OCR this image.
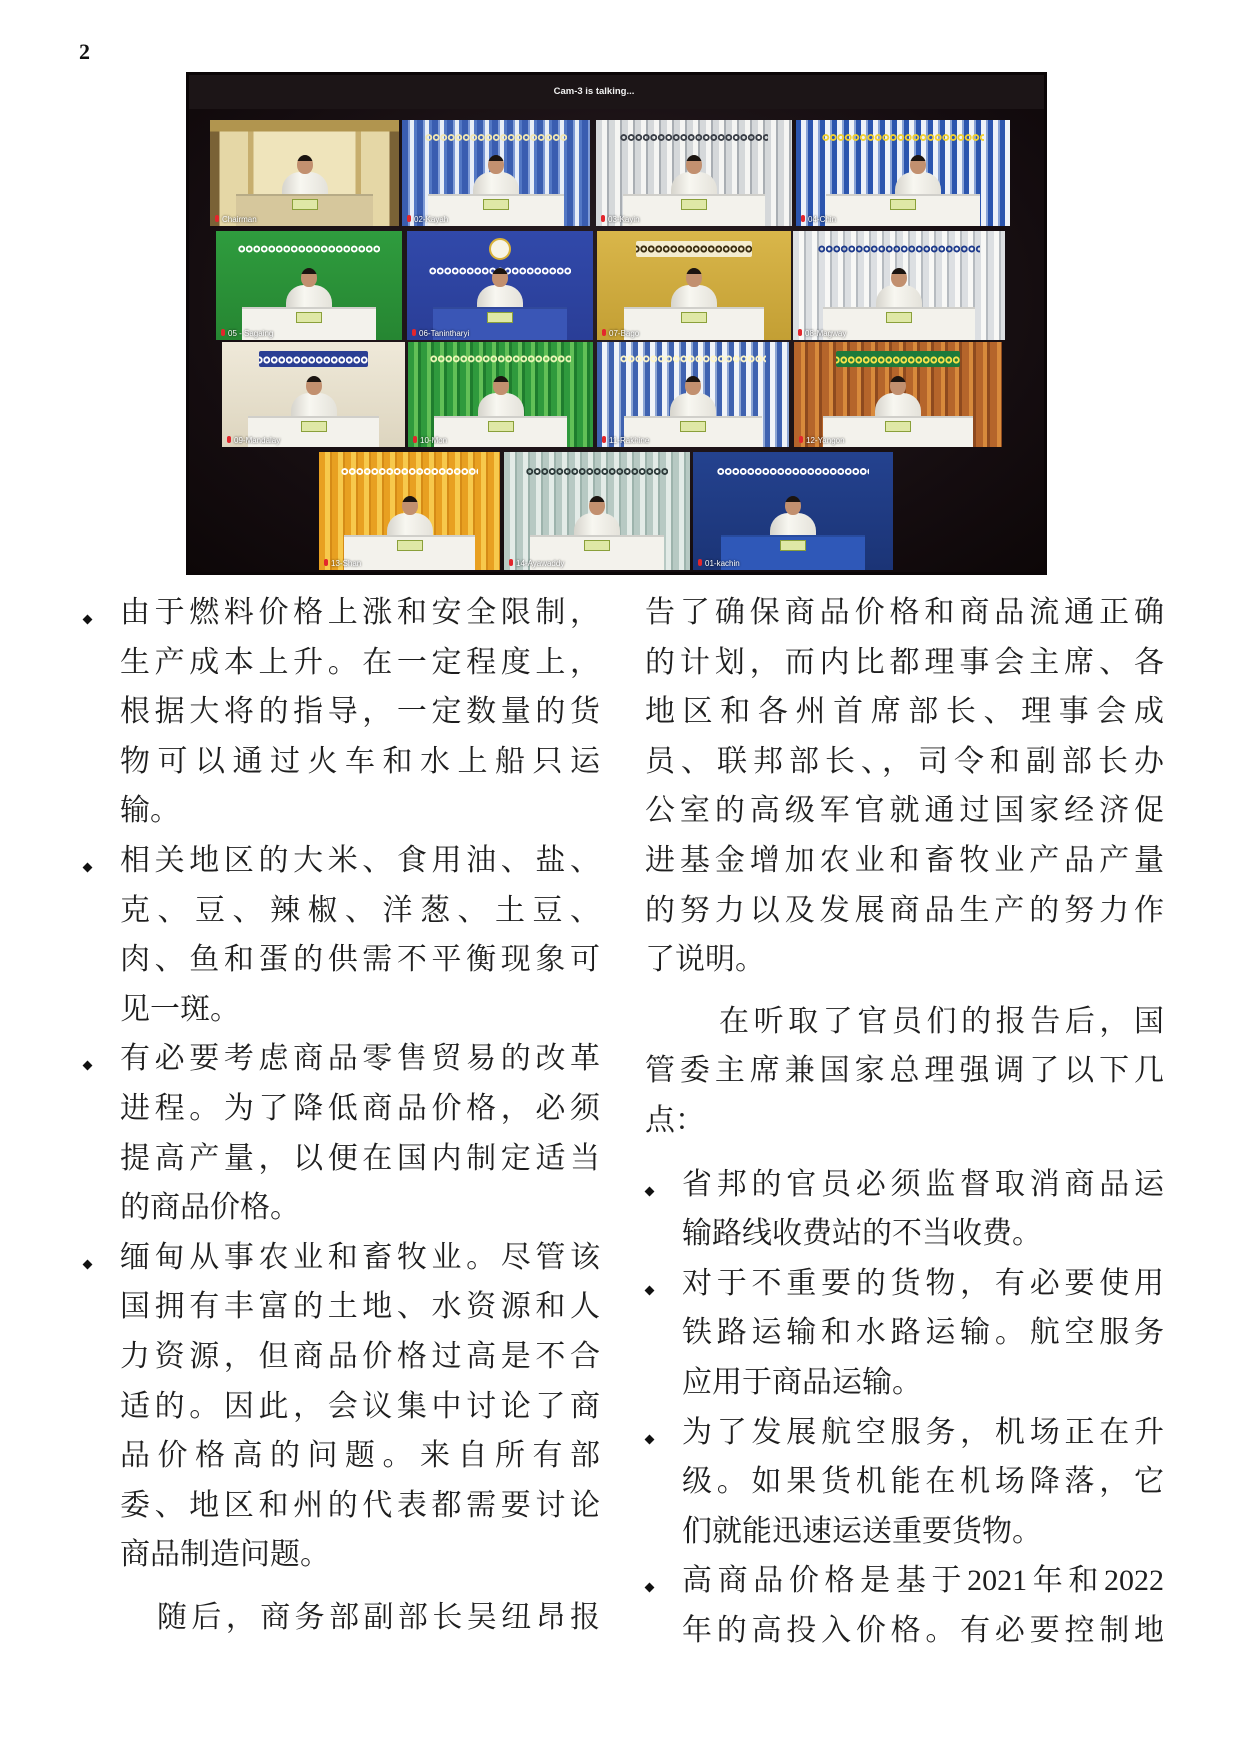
2
Cam-3 is talking...
Chairman	02-Kayah	03-Kayin	04-Chin
05 - Sagaing	06-Tanintharyi	07-Bago	08-Magway
09-Mandalay	10-Mon	11-Rakhine	12-Yangon
13-Shan	14-Ayawaddy	01-kachin
由于燃料价格上涨和安全限制，
生产成本上升。在一定程度上，
根据大将的指导，一定数量的货
物可以通过火车和水上船只运
输。
相关地区的大米、食用油、盐、
克、豆、辣椒、洋葱、土豆、
肉、鱼和蛋的供需不平衡现象可
见一斑。
有必要考虑商品零售贸易的改革
进程。为了降低商品价格，必须
提高产量，以便在国内制定适当
的商品价格。
缅甸从事农业和畜牧业。尽管该
国拥有丰富的土地、水资源和人
力资源，但商品价格过高是不合
适的。因此，会议集中讨论了商
品价格高的问题。来自所有部
委、地区和州的代表都需要讨论
商品制造问题。
随后，商务部副部长吴纽昂报
告了确保商品价格和商品流通正确
的计划，而内比都理事会主席、各
地区和各州首席部长、理事会成
员、联邦部长、，司令和副部长办
公室的高级军官就通过国家经济促
进基金增加农业和畜牧业产品产量
的努力以及发展商品生产的努力作
了说明。
在听取了官员们的报告后，国
管委主席兼国家总理强调了以下几
点：
省邦的官员必须监督取消商品运
输路线收费站的不当收费。
对于不重要的货物，有必要使用
铁路运输和水路运输。航空服务
应用于商品运输。
为了发展航空服务，机场正在升
级。如果货机能在机场降落，它
们就能迅速运送重要货物。
高商品价格是基于2021年和2022
年的高投入价格。有必要控制地
